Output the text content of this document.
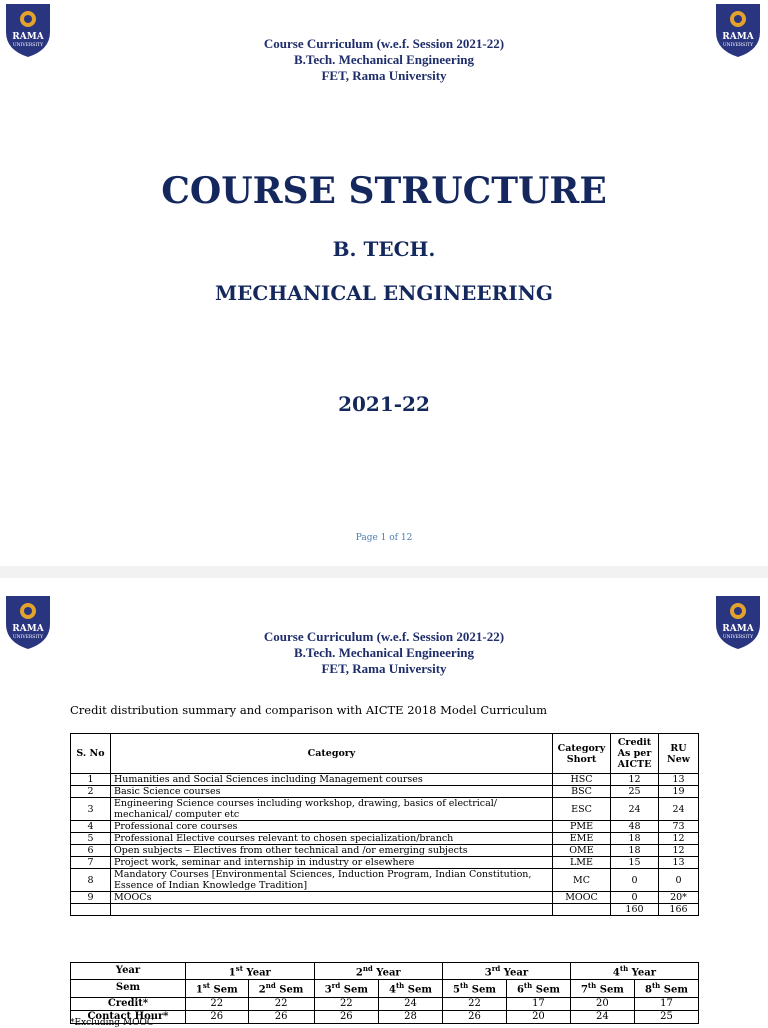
RAMA
UNIVERSITY
RAMA
UNIVERSITY
Course Curriculum (w.e.f. Session 2021-22)
B.Tech. Mechanical Engineering
FET, Rama University
COURSE STRUCTURE
B. TECH.
MECHANICAL ENGINEERING
2021-22
Page 1 of 12
RAMA
UNIVERSITY
RAMA
UNIVERSITY
Course Curriculum (w.e.f. Session 2021-22)
B.Tech. Mechanical Engineering
FET, Rama University
Credit distribution summary and comparison with AICTE 2018 Model Curriculum
S. No	Category	Category Short	Credit As per AICTE	RU New
1	Humanities and Social Sciences including Management courses	HSC	12	13
2	Basic Science courses	BSC	25	19
3	Engineering Science courses including workshop, drawing, basics of electrical/ mechanical/ computer etc	ESC	24	24
4	Professional core courses	PME	48	73
5	Professional Elective courses relevant to chosen specialization/branch	EME	18	12
6	Open subjects – Electives from other technical and /or emerging subjects	OME	18	12
7	Project work, seminar and internship in industry or elsewhere	LME	15	13
8	Mandatory Courses [Environmental Sciences, Induction Program, Indian Constitution, Essence of Indian Knowledge Tradition]	MC	0	0
9	MOOCs	MOOC	0	20*
			160	166
Year	1st Year		2nd Year		3rd Year		4th Year	
Sem	1st Sem	2nd Sem	3rd Sem	4th Sem	5th Sem	6th Sem	7th Sem	8th Sem
Credit*	22	22	22	24	22	17	20	17
Contact Hour*	26	26	26	28	26	20	24	25
*Excluding MOOC
